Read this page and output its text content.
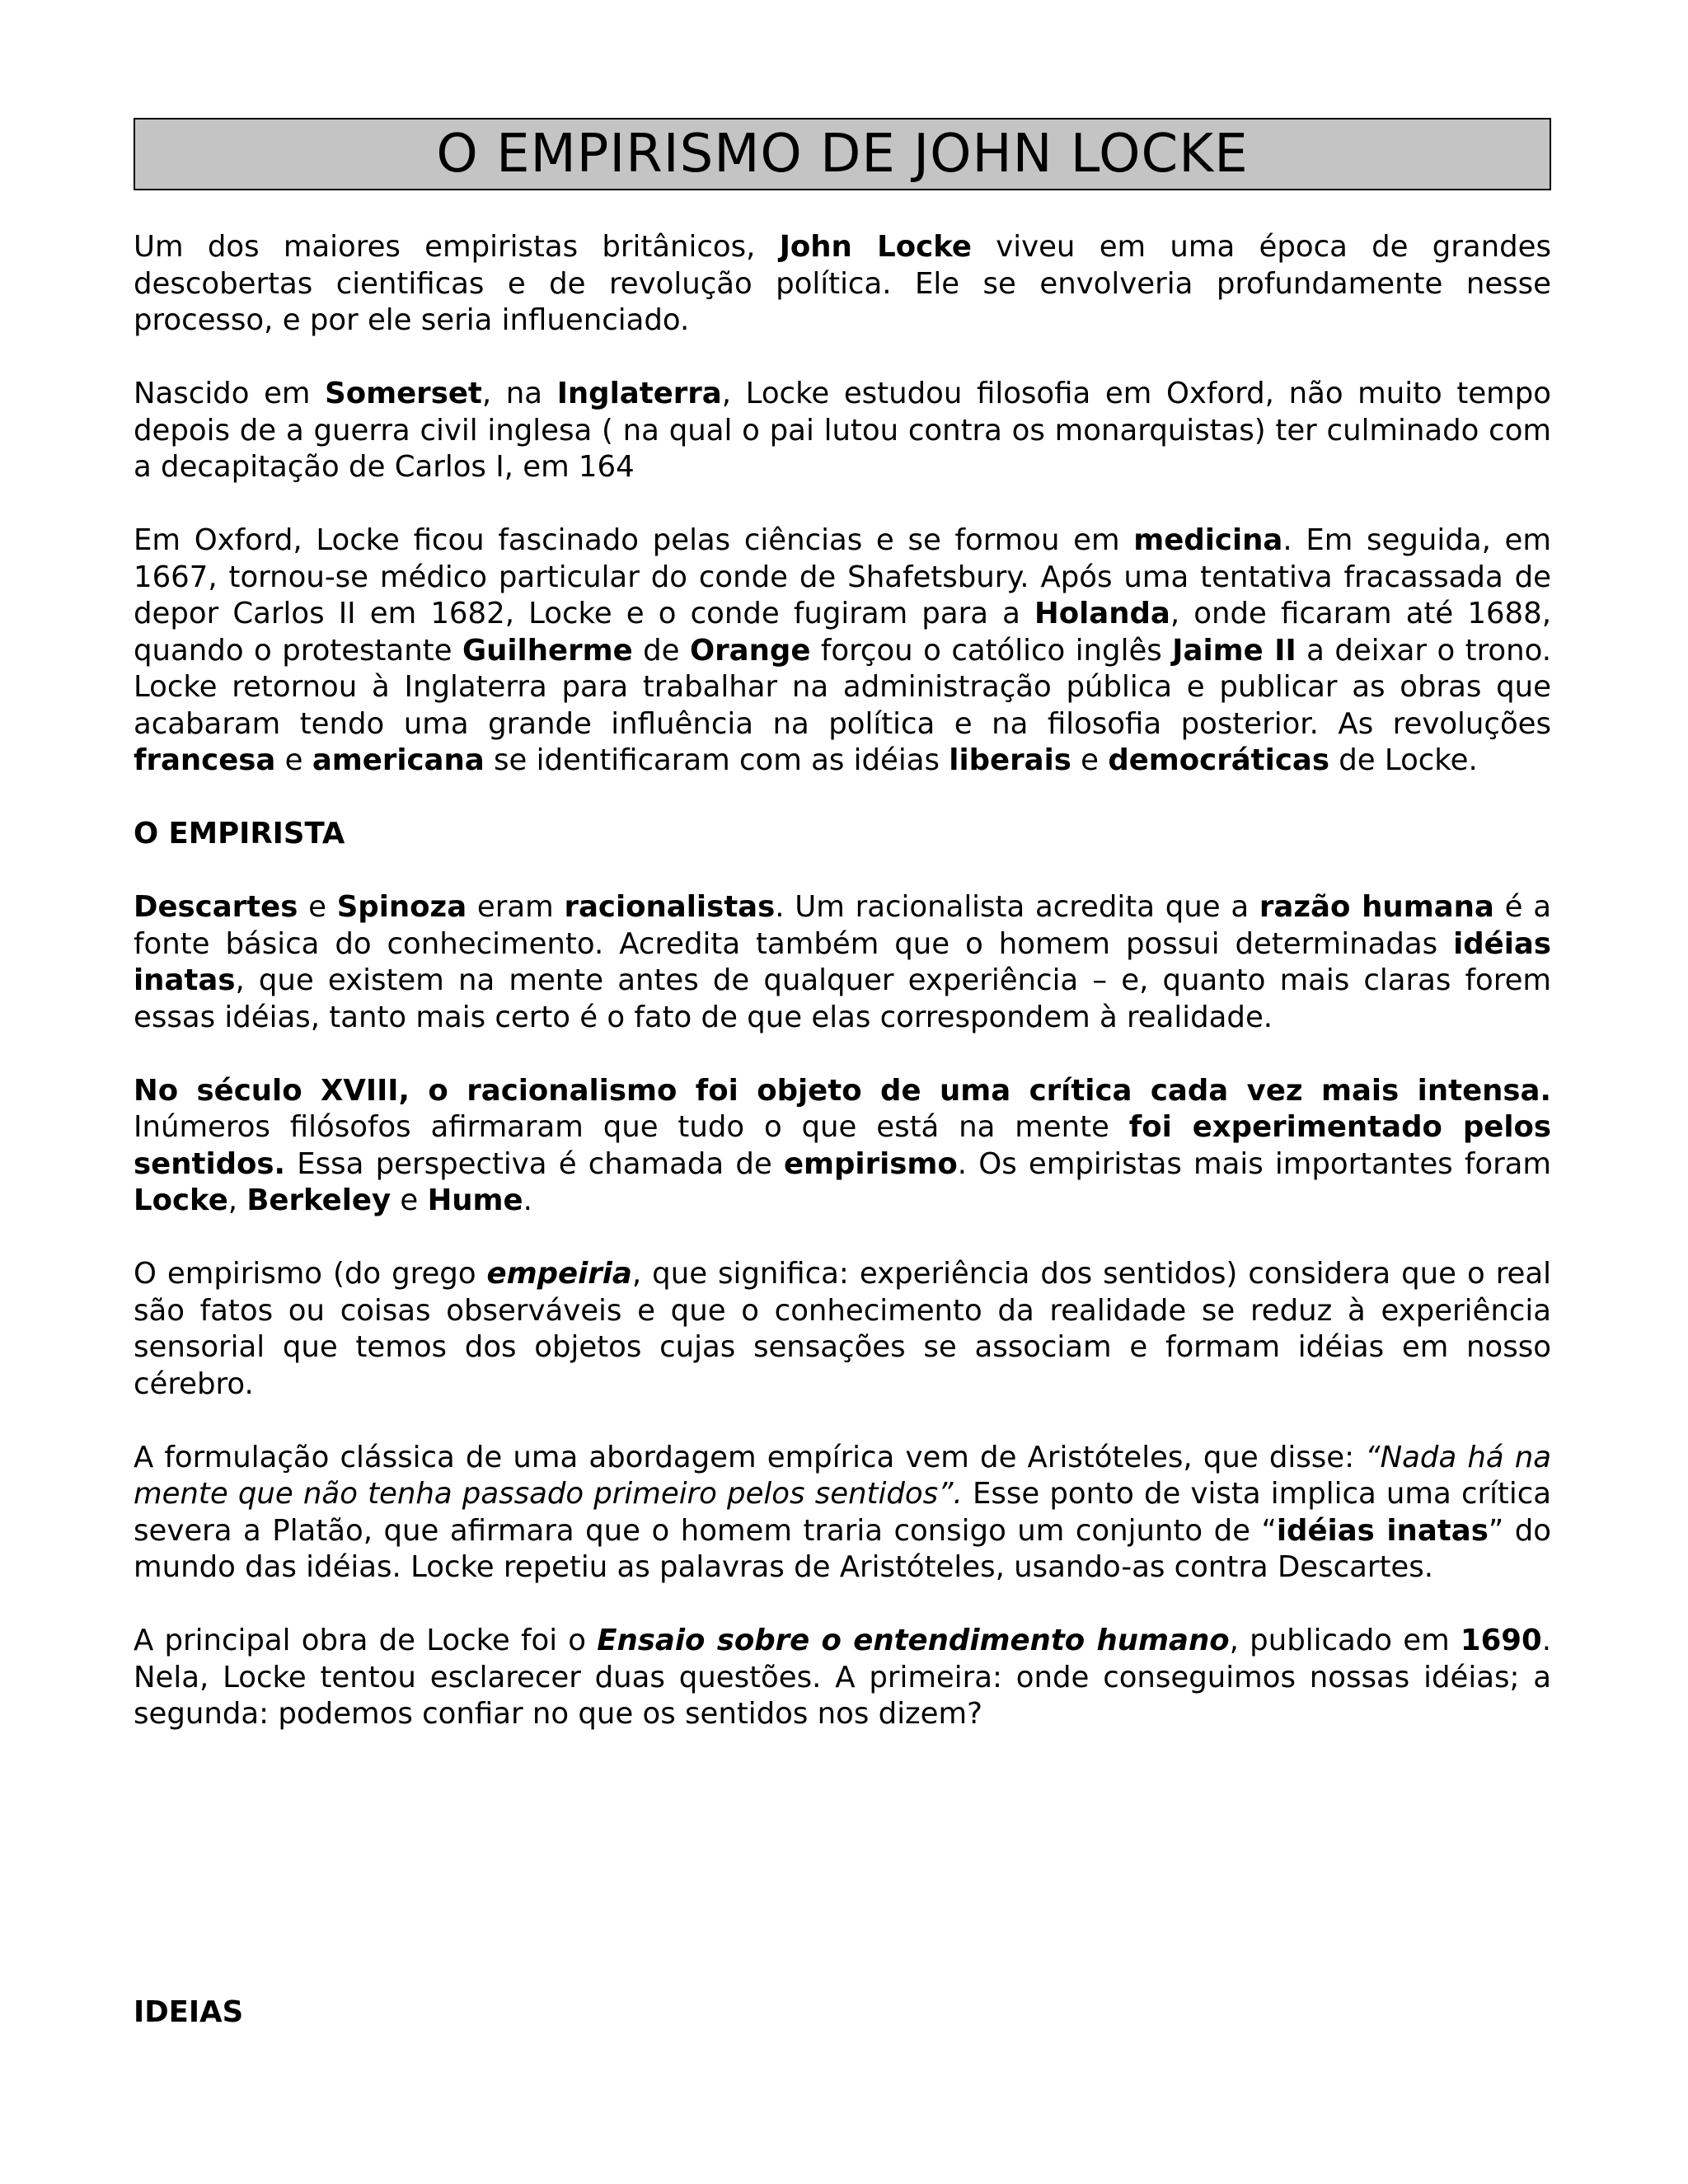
O EMPIRISMO DE JOHN LOCKE

Um dos maiores empiristas britânicos, John Locke viveu em uma época de grandes descobertas cientificas e de revolução política. Ele se envolveria profundamente nesse processo, e por ele seria influenciado.

Nascido em Somerset, na Inglaterra, Locke estudou filosofia em Oxford, não muito tempo depois de a guerra civil inglesa ( na qual o pai lutou contra os monarquistas) ter culminado com a decapitação de Carlos I, em 164

Em Oxford, Locke ficou fascinado pelas ciências e se formou em medicina. Em seguida, em 1667, tornou-se médico particular do conde de Shafetsbury. Após uma tentativa fracassada de depor Carlos II em 1682, Locke e o conde fugiram para a Holanda, onde ficaram até 1688, quando o protestante Guilherme de Orange forçou o católico inglês Jaime II a deixar o trono. Locke retornou à Inglaterra para trabalhar na administração pública e publicar as obras que acabaram tendo uma grande influência na política e na filosofia posterior. As revoluções francesa e americana se identificaram com as idéias liberais e democráticas de Locke.

O EMPIRISTA

Descartes e Spinoza eram racionalistas. Um racionalista acredita que a razão humana é a fonte básica do conhecimento. Acredita também que o homem possui determinadas idéias inatas, que existem na mente antes de qualquer experiência – e, quanto mais claras forem essas idéias, tanto mais certo é o fato de que elas correspondem à realidade.

No século XVIII, o racionalismo foi objeto de uma crítica cada vez mais intensa. Inúmeros filósofos afirmaram que tudo o que está na mente foi experimentado pelos sentidos. Essa perspectiva é chamada de empirismo. Os empiristas mais importantes foram Locke, Berkeley e Hume.

O empirismo (do grego empeiria, que significa: experiência dos sentidos) considera que o real são fatos ou coisas observáveis e que o conhecimento da realidade se reduz à experiência sensorial que temos dos objetos cujas sensações se associam e formam idéias em nosso cérebro.

A formulação clássica de uma abordagem empírica vem de Aristóteles, que disse: “Nada há na mente que não tenha passado primeiro pelos sentidos”. Esse ponto de vista implica uma crítica severa a Platão, que afirmara que o homem traria consigo um conjunto de “idéias inatas” do mundo das idéias. Locke repetiu as palavras de Aristóteles, usando-as contra Descartes.

A principal obra de Locke foi o Ensaio sobre o entendimento humano, publicado em 1690. Nela, Locke tentou esclarecer duas questões. A primeira: onde conseguimos nossas idéias; a segunda: podemos confiar no que os sentidos nos dizem?

IDEIAS
